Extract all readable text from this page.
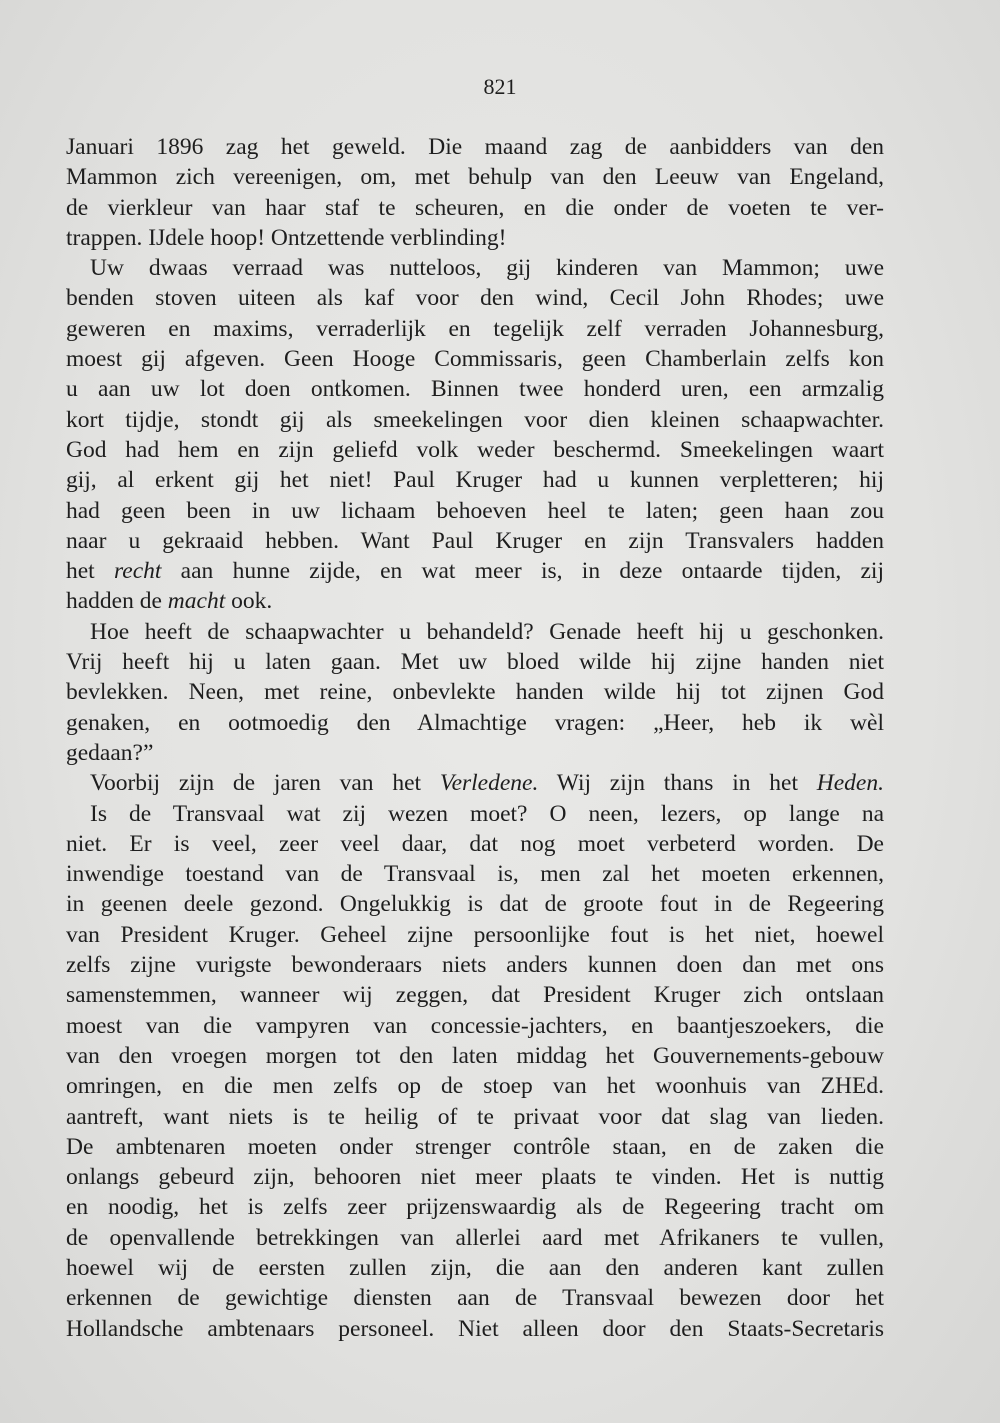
821
Januari 1896 zag het geweld. Die maand zag de aanbidders van den
Mammon zich vereenigen, om, met behulp van den Leeuw van Engeland,
de vierkleur van haar staf te scheuren, en die onder de voeten te ver-
trappen. IJdele hoop! Ontzettende verblinding!
Uw dwaas verraad was nutteloos, gij kinderen van Mammon; uwe
benden stoven uiteen als kaf voor den wind, Cecil John Rhodes; uwe
geweren en maxims, verraderlijk en tegelijk zelf verraden Johannesburg,
moest gij afgeven. Geen Hooge Commissaris, geen Chamberlain zelfs kon
u aan uw lot doen ontkomen. Binnen twee honderd uren, een armzalig
kort tijdje, stondt gij als smeekelingen voor dien kleinen schaapwachter.
God had hem en zijn geliefd volk weder beschermd. Smeekelingen waart
gij, al erkent gij het niet! Paul Kruger had u kunnen verpletteren; hij
had geen been in uw lichaam behoeven heel te laten; geen haan zou
naar u gekraaid hebben. Want Paul Kruger en zijn Transvalers hadden
het recht aan hunne zijde, en wat meer is, in deze ontaarde tijden, zij
hadden de macht ook.
Hoe heeft de schaapwachter u behandeld? Genade heeft hij u geschonken.
Vrij heeft hij u laten gaan. Met uw bloed wilde hij zijne handen niet
bevlekken. Neen, met reine, onbevlekte handen wilde hij tot zijnen God
genaken, en ootmoedig den Almachtige vragen: „Heer, heb ik wèl
gedaan?”
Voorbij zijn de jaren van het Verledene. Wij zijn thans in het Heden.
Is de Transvaal wat zij wezen moet? O neen, lezers, op lange na
niet. Er is veel, zeer veel daar, dat nog moet verbeterd worden. De
inwendige toestand van de Transvaal is, men zal het moeten erkennen,
in geenen deele gezond. Ongelukkig is dat de groote fout in de Regeering
van President Kruger. Geheel zijne persoonlijke fout is het niet, hoewel
zelfs zijne vurigste bewonderaars niets anders kunnen doen dan met ons
samenstemmen, wanneer wij zeggen, dat President Kruger zich ontslaan
moest van die vampyren van concessie-jachters, en baantjeszoekers, die
van den vroegen morgen tot den laten middag het Gouvernements-gebouw
omringen, en die men zelfs op de stoep van het woonhuis van ZHEd.
aantreft, want niets is te heilig of te privaat voor dat slag van lieden.
De ambtenaren moeten onder strenger contrôle staan, en de zaken die
onlangs gebeurd zijn, behooren niet meer plaats te vinden. Het is nuttig
en noodig, het is zelfs zeer prijzenswaardig als de Regeering tracht om
de openvallende betrekkingen van allerlei aard met Afrikaners te vullen,
hoewel wij de eersten zullen zijn, die aan den anderen kant zullen
erkennen de gewichtige diensten aan de Transvaal bewezen door het
Hollandsche ambtenaars personeel. Niet alleen door den Staats-Secretaris
